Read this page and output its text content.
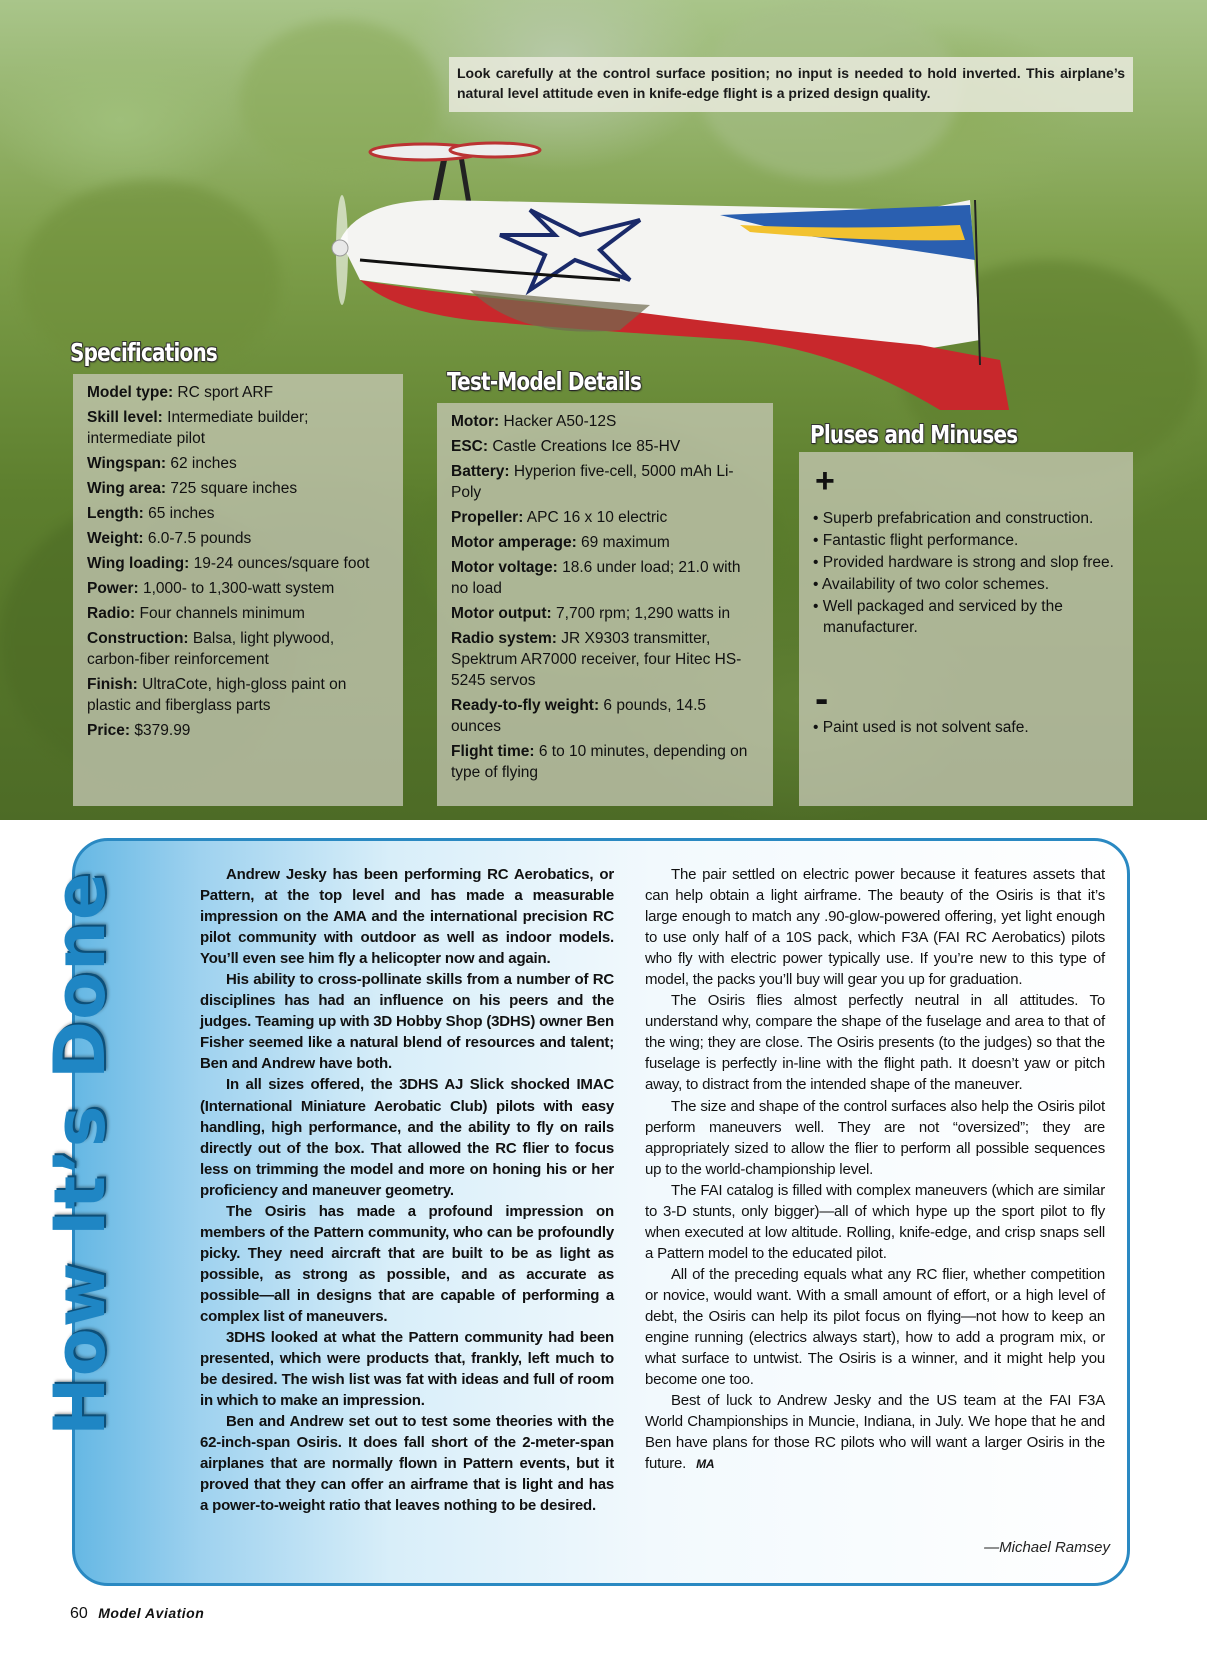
Look carefully at the control surface position; no input is needed to hold inverted. This airplane’s natural level attitude even in knife-edge flight is a prized design quality.
Specifications

Model type: RC sport ARF

Skill level: Intermediate builder; intermediate pilot

Wingspan: 62 inches

Wing area: 725 square inches

Length: 65 inches

Weight: 6.0-7.5 pounds

Wing loading: 19-24 ounces/square foot

Power: 1,000- to 1,300-watt system

Radio: Four channels minimum

Construction: Balsa, light plywood, carbon-fiber reinforcement

Finish: UltraCote, high-gloss paint on plastic and fiberglass parts

Price: $379.99

Test-Model Details

Motor: Hacker A50-12S

ESC: Castle Creations Ice 85-HV

Battery: Hyperion five-cell, 5000 mAh Li-Poly

Propeller: APC 16 x 10 electric

Motor amperage: 69 maximum

Motor voltage: 18.6 under load; 21.0 with no load

Motor output: 7,700 rpm; 1,290 watts in

Radio system: JR X9303 transmitter, Spektrum AR7000 receiver, four Hitec HS-5245 servos

Ready-to-fly weight: 6 pounds, 14.5 ounces

Flight time: 6 to 10 minutes, depending on type of flying

Pluses and Minuses
+

• Superb prefabrication and construction.

• Fantastic flight performance.

• Provided hardware is strong and slop free.

• Availability of two color schemes.

• Well packaged and serviced by the manufacturer.

-

• Paint used is not solvent safe.

How It’s Done	Andrew Jesky has been performing RC Aerobatics, or Pattern, at the top level and has made a measurable impression on the AMA and the international precision RC pilot community with outdoor as well as indoor models. You’ll even see him fly a helicopter now and again.

His ability to cross-pollinate skills from a number of RC disciplines has had an influence on his peers and the judges. Teaming up with 3D Hobby Shop (3DHS) owner Ben Fisher seemed like a natural blend of resources and talent; Ben and Andrew have both.

In all sizes offered, the 3DHS AJ Slick shocked IMAC (International Miniature Aerobatic Club) pilots with easy handling, high performance, and the ability to fly on rails directly out of the box. That allowed the RC flier to focus less on trimming the model and more on honing his or her proficiency and maneuver geometry.

The Osiris has made a profound impression on members of the Pattern community, who can be profoundly picky. They need aircraft that are built to be as light as possible, as strong as possible, and as accurate as possible—all in designs that are capable of performing a complex list of maneuvers.

3DHS looked at what the Pattern community had been presented, which were products that, frankly, left much to be desired. The wish list was fat with ideas and full of room in which to make an impression.

Ben and Andrew set out to test some theories with the 62-inch-span Osiris. It does fall short of the 2-meter-span airplanes that are normally flown in Pattern events, but it proved that they can offer an airframe that is light and has a power-to-weight ratio that leaves nothing to be desired.

The pair settled on electric power because it features assets that can help obtain a light airframe. The beauty of the Osiris is that it’s large enough to match any .90-glow-powered offering, yet light enough to use only half of a 10S pack, which F3A (FAI RC Aerobatics) pilots who fly with electric power typically use. If you’re new to this type of model, the packs you’ll buy will gear you up for graduation.

The Osiris flies almost perfectly neutral in all attitudes. To understand why, compare the shape of the fuselage and area to that of the wing; they are close. The Osiris presents (to the judges) so that the fuselage is perfectly in-line with the flight path. It doesn’t yaw or pitch away, to distract from the intended shape of the maneuver.

The size and shape of the control surfaces also help the Osiris pilot perform maneuvers well. They are not “oversized”; they are appropriately sized to allow the flier to perform all possible sequences up to the world-championship level.

The FAI catalog is filled with complex maneuvers (which are similar to 3-D stunts, only bigger)—all of which hype up the sport pilot to fly when executed at low altitude. Rolling, knife-edge, and crisp snaps sell a Pattern model to the educated pilot.

All of the preceding equals what any RC flier, whether competition or novice, would want. With a small amount of effort, or a high level of debt, the Osiris can help its pilot focus on flying—not how to keep an engine running (electrics always start), how to add a program mix, or what surface to untwist. The Osiris is a winner, and it might help you become one too.

Best of luck to Andrew Jesky and the US team at the FAI F3A World Championships in Muncie, Indiana, in July. We hope that he and Ben have plans for those RC pilots who will want a larger Osiris in the future. MA

—Michael Ramsey
60 Model Aviation
